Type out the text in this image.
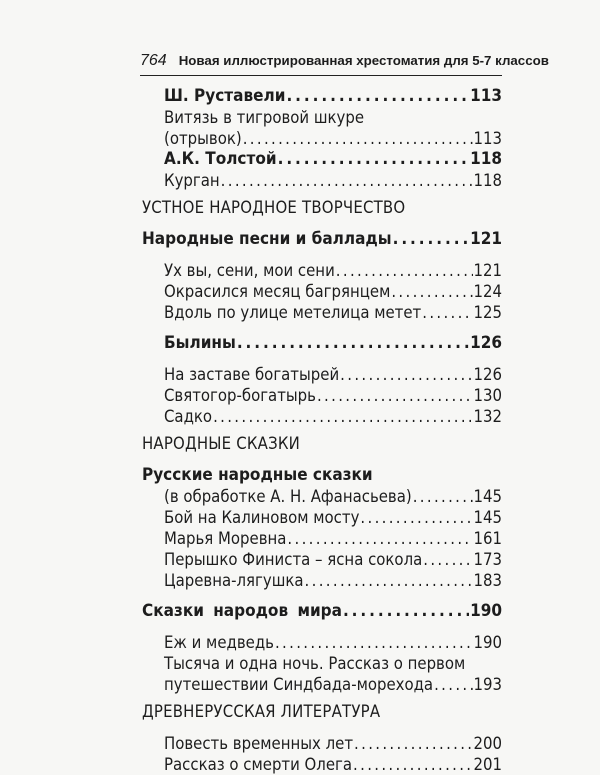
764 Новая иллюстрированная хрестоматия для 5-7 классов
Ш. Руставели . . .	113
Витязь в тигровой шкуре
(отрывок) . . .	113
А.К. Толстой . . .	118
Курган . . .	118
УСТНОЕ НАРОДНОЕ ТВОРЧЕСТВО
Народные песни и баллады . . .	121
Ух вы, сени, мои сени . . .	121
Окрасился месяц багрянцем . . .	124
Вдоль по улице метелица метет . . .	125
Былины . . .	126
На заставе богатырей . . .	126
Святогор-богатырь . . .	130
Садко . . .	132
НАРОДНЫЕ СКАЗКИ
Русские народные сказки
(в обработке А. Н. Афанасьева) . . .	145
Бой на Калиновом мосту . . .	145
Марья Моревна . . .	161
Перышко Финиста – ясна сокола . . .	173
Царевна-лягушка . . .	183
Сказки народов мира . . .	190
Еж и медведь . . .	190
Тысяча и одна ночь. Рассказ о первом
путешествии Синдбада-морехода . . . 193
ДРЕВНЕРУССКАЯ ЛИТЕРАТУРА
Повесть временных лет . . .	200
Рассказ о смерти Олега . . .	201
